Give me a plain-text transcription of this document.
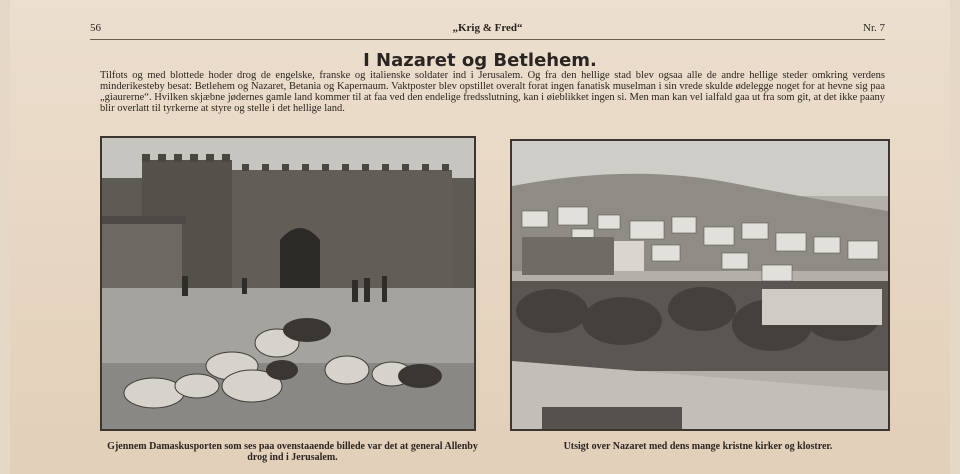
56	„Krig & Fred“	Nr. 7
I Nazaret og Betlehem.
Tilfots og med blottede hoder drog de engelske, franske og italienske soldater ind i Jerusalem. Og fra den hellige stad blev ogsaa alle de andre hellige steder omkring verdens minderikesteby besat: Betlehem og Nazaret, Betania og Kapernaum. Vaktposter blev opstillet overalt forat ingen fanatisk muselman i sin vrede skulde ødelegge noget for at hevne sig paa „giaurerne“. Hvilken skjæbne jødernes gamle land kommer til at faa ved den endelige fredsslutning, kan i øieblikket ingen si. Men man kan vel ialfald gaa ut fra som git, at det ikke paany blir overlatt til tyrkerne at styre og stelle i det hellige land.
Gjennem Damaskusporten som ses paa ovenstaaende billede var det at general Allenby drog ind i Jerusalem.
Utsigt over Nazaret med dens mange kristne kirker og klostrer.
